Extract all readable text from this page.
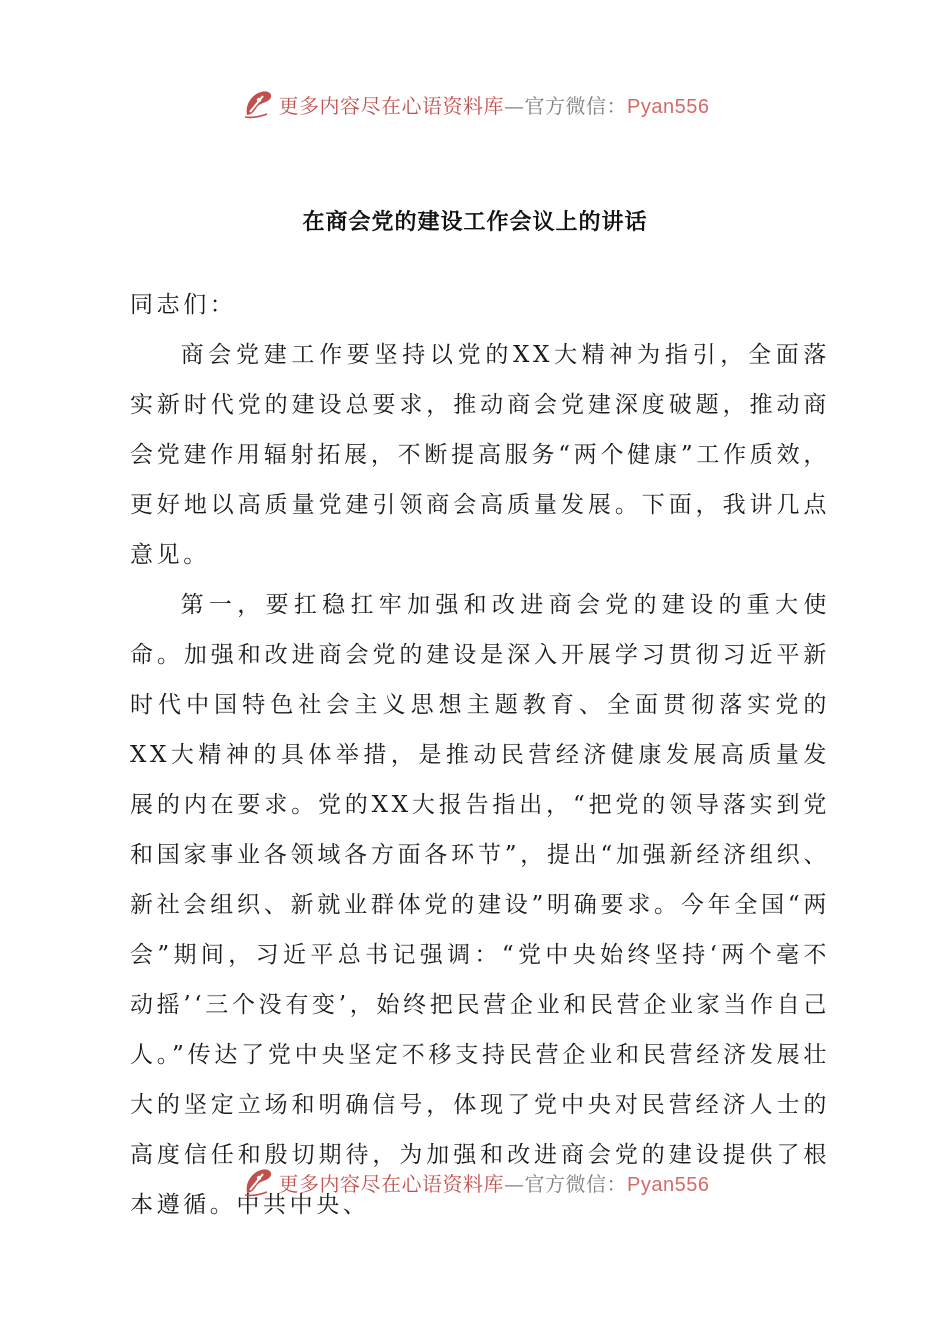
更多内容尽在心语资料库—官方微信：Pyan556
在商会党的建设工作会议上的讲话

同志们：

商会党建工作要坚持以党的XX大精神为指引，全面落实新时代党的建设总要求，推动商会党建深度破题，推动商会党建作用辐射拓展，不断提高服务“两个健康”工作质效，更好地以高质量党建引领商会高质量发展。下面，我讲几点意见。

第一，要扛稳扛牢加强和改进商会党的建设的重大使命。加强和改进商会党的建设是深入开展学习贯彻习近平新时代中国特色社会主义思想主题教育、全面贯彻落实党的XX大精神的具体举措，是推动民营经济健康发展高质量发展的内在要求。党的XX大报告指出，“把党的领导落实到党和国家事业各领域各方面各环节”，提出“加强新经济组织、新社会组织、新就业群体党的建设”明确要求。今年全国“两会”期间，习近平总书记强调：“党中央始终坚持‘两个毫不动摇’‘三个没有变’，始终把民营企业和民营企业家当作自己人。”传达了党中央坚定不移支持民营企业和民营经济发展壮大的坚定立场和明确信号，体现了党中央对民营经济人士的高度信任和殷切期待，为加强和改进商会党的建设提供了根本遵循。中共中央、

更多内容尽在心语资料库—官方微信：Pyan556
